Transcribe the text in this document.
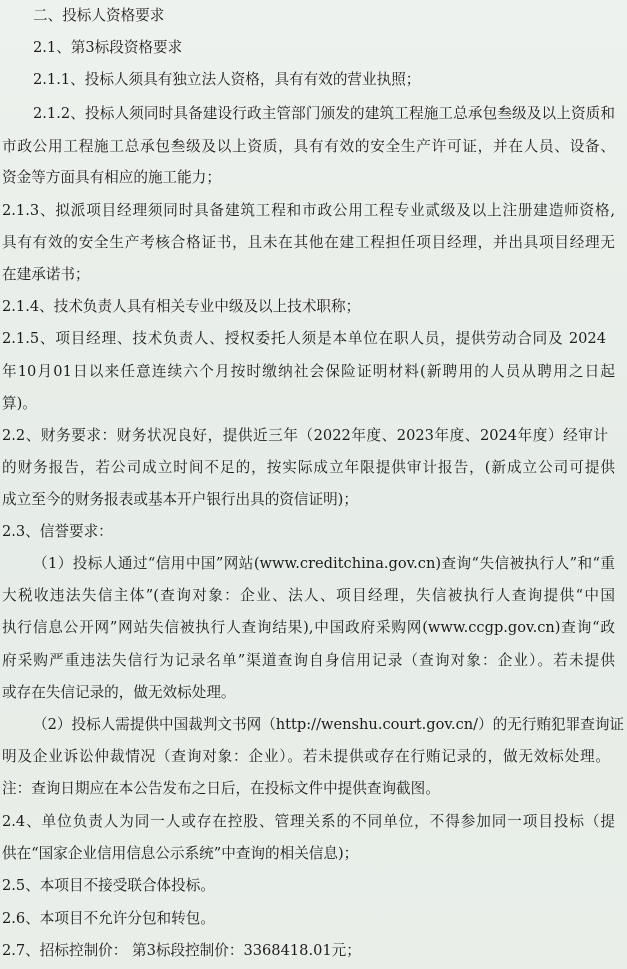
二、投标人资格要求
2.1、第3标段资格要求
2.1.1、投标人须具有独立法人资格，具有有效的营业执照；
2.1.2、投标人须同时具备建设行政主管部门颁发的建筑工程施工总承包叁级及以上资质和
市政公用工程施工总承包叁级及以上资质，具有有效的安全生产许可证，并在人员、设备、
资金等方面具有相应的施工能力；
2.1.3、拟派项目经理须同时具备建筑工程和市政公用工程专业贰级及以上注册建造师资格,
具有有效的安全生产考核合格证书，且未在其他在建工程担任项目经理，并出具项目经理无
在建承诺书；
2.1.4、技术负责人具有相关专业中级及以上技术职称；
2.1.5、项目经理、技术负责人、授权委托人须是本单位在职人员，提供劳动合同及 2024
年10月01日以来任意连续六个月按时缴纳社会保险证明材料(新聘用的人员从聘用之日起
算)。
2.2、财务要求：财务状况良好，提供近三年（2022年度、2023年度、2024年度）经审计
的财务报告，若公司成立时间不足的，按实际成立年限提供审计报告，(新成立公司可提供
成立至今的财务报表或基本开户银行出具的资信证明)；
2.3、信誉要求：
（1）投标人通过“信用中国”网站(www.creditchina.gov.cn)查询“失信被执行人”和“重
大税收违法失信主体”(查询对象：企业、法人、项目经理，失信被执行人查询提供“中国
执行信息公开网”网站失信被执行人查询结果),中国政府采购网(www.ccgp.gov.cn)查询“政
府采购严重违法失信行为记录名单”渠道查询自身信用记录（查询对象：企业）。若未提供
或存在失信记录的，做无效标处理。
（2）投标人需提供中国裁判文书网（http://wenshu.court.gov.cn/）的无行贿犯罪查询证
明及企业诉讼仲裁情况（查询对象：企业）。若未提供或存在行贿记录的，做无效标处理。
注：查询日期应在本公告发布之日后，在投标文件中提供查询截图。
2.4、单位负责人为同一人或存在控股、管理关系的不同单位，不得参加同一项目投标（提
供在“国家企业信用信息公示系统”中查询的相关信息)；
2.5、本项目不接受联合体投标。
2.6、本项目不允许分包和转包。
2.7、招标控制价： 第3标段控制价：3368418.01元；
